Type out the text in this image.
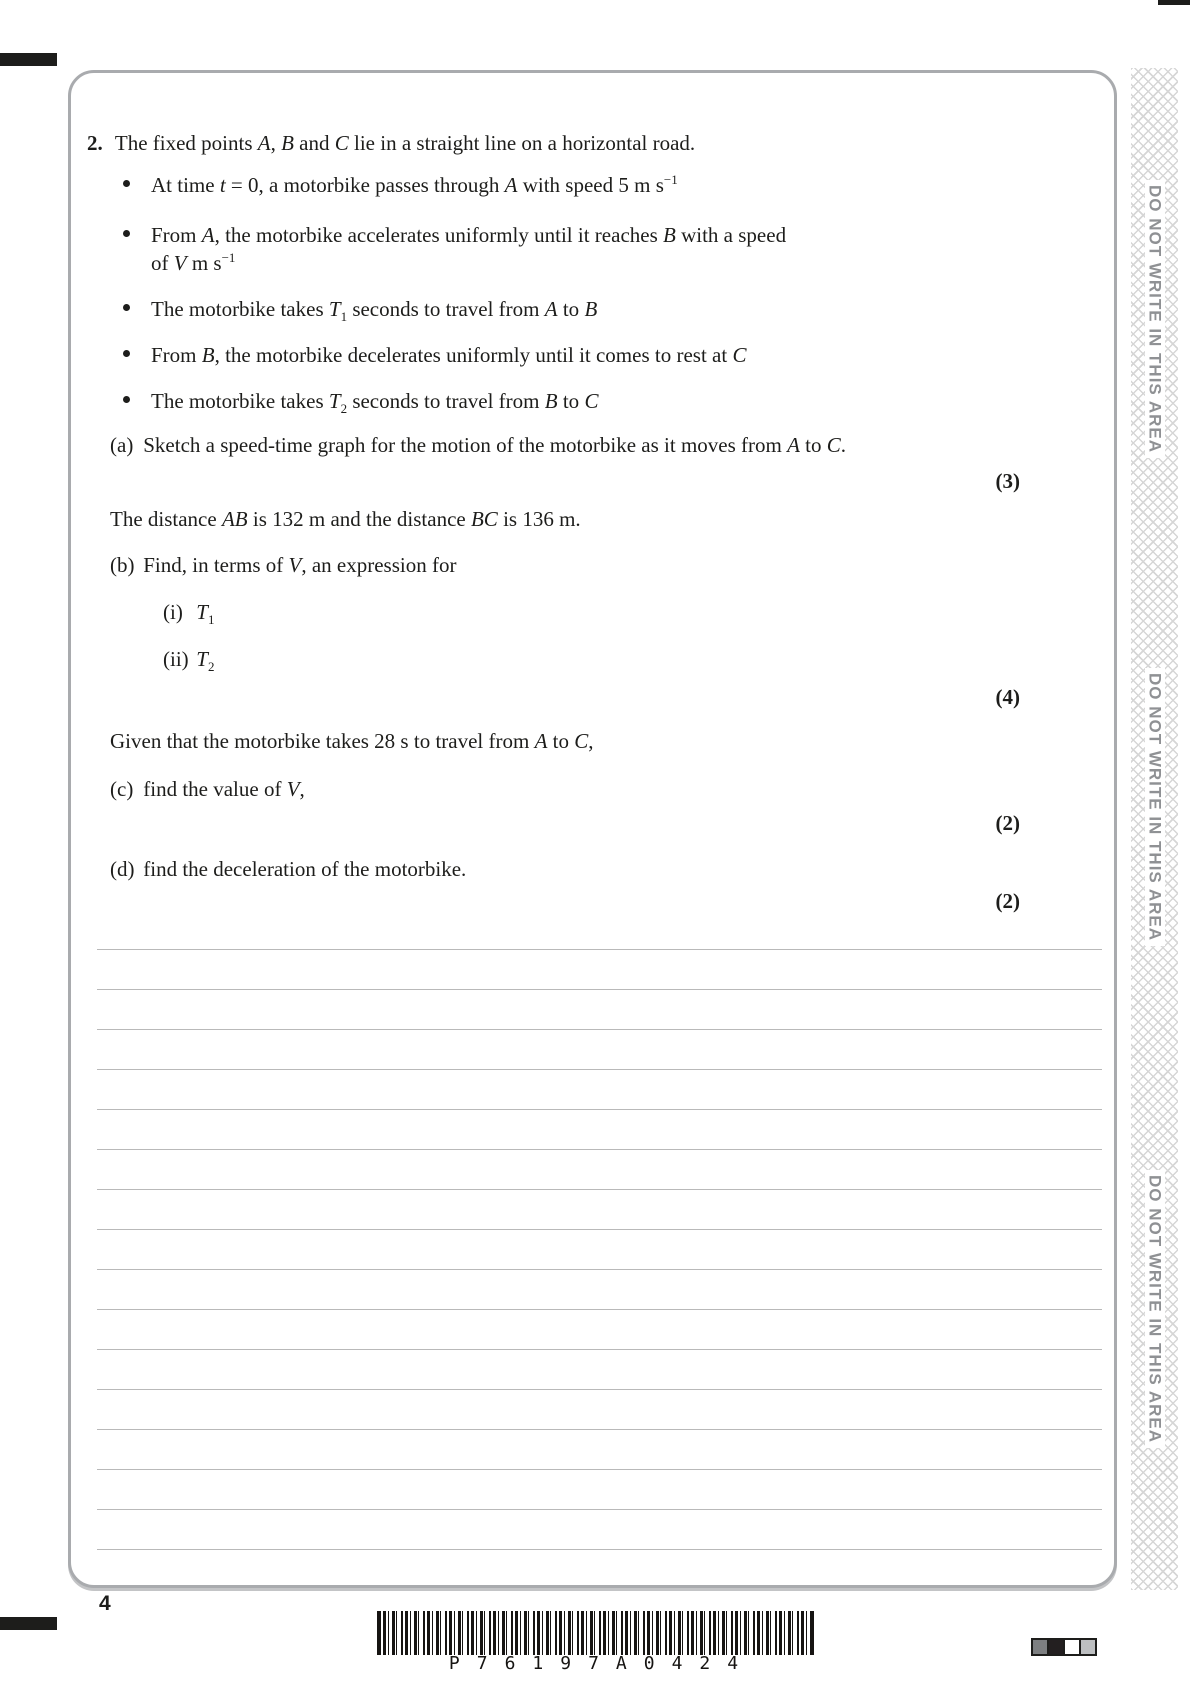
DO NOT WRITE IN THIS AREA
DO NOT WRITE IN THIS AREA
DO NOT WRITE IN THIS AREA
2. The fixed points A, B and C lie in a straight line on a horizontal road.
At time t = 0, a motorbike passes through A with speed 5 m $s^{-1}$
From A, the motorbike accelerates uniformly until it reaches B with a speed
of V m $s^{-1}$
The motorbike takes $T_1$ seconds to travel from A to B
From B, the motorbike decelerates uniformly until it comes to rest at C
The motorbike takes $T_2$ seconds to travel from B to C
(a) Sketch a speed-time graph for the motion of the motorbike as it moves from A to C.
(3)
The distance AB is 132 m and the distance BC is 136 m.
(b) Find, in terms of V, an expression for
(i) $T_1$
(ii) $T_2$
(4)
Given that the motorbike takes 28 s to travel from A to C,
(c) find the value of V,
(2)
(d) find the deceleration of the motorbike.
(2)
4
P76197A0424
